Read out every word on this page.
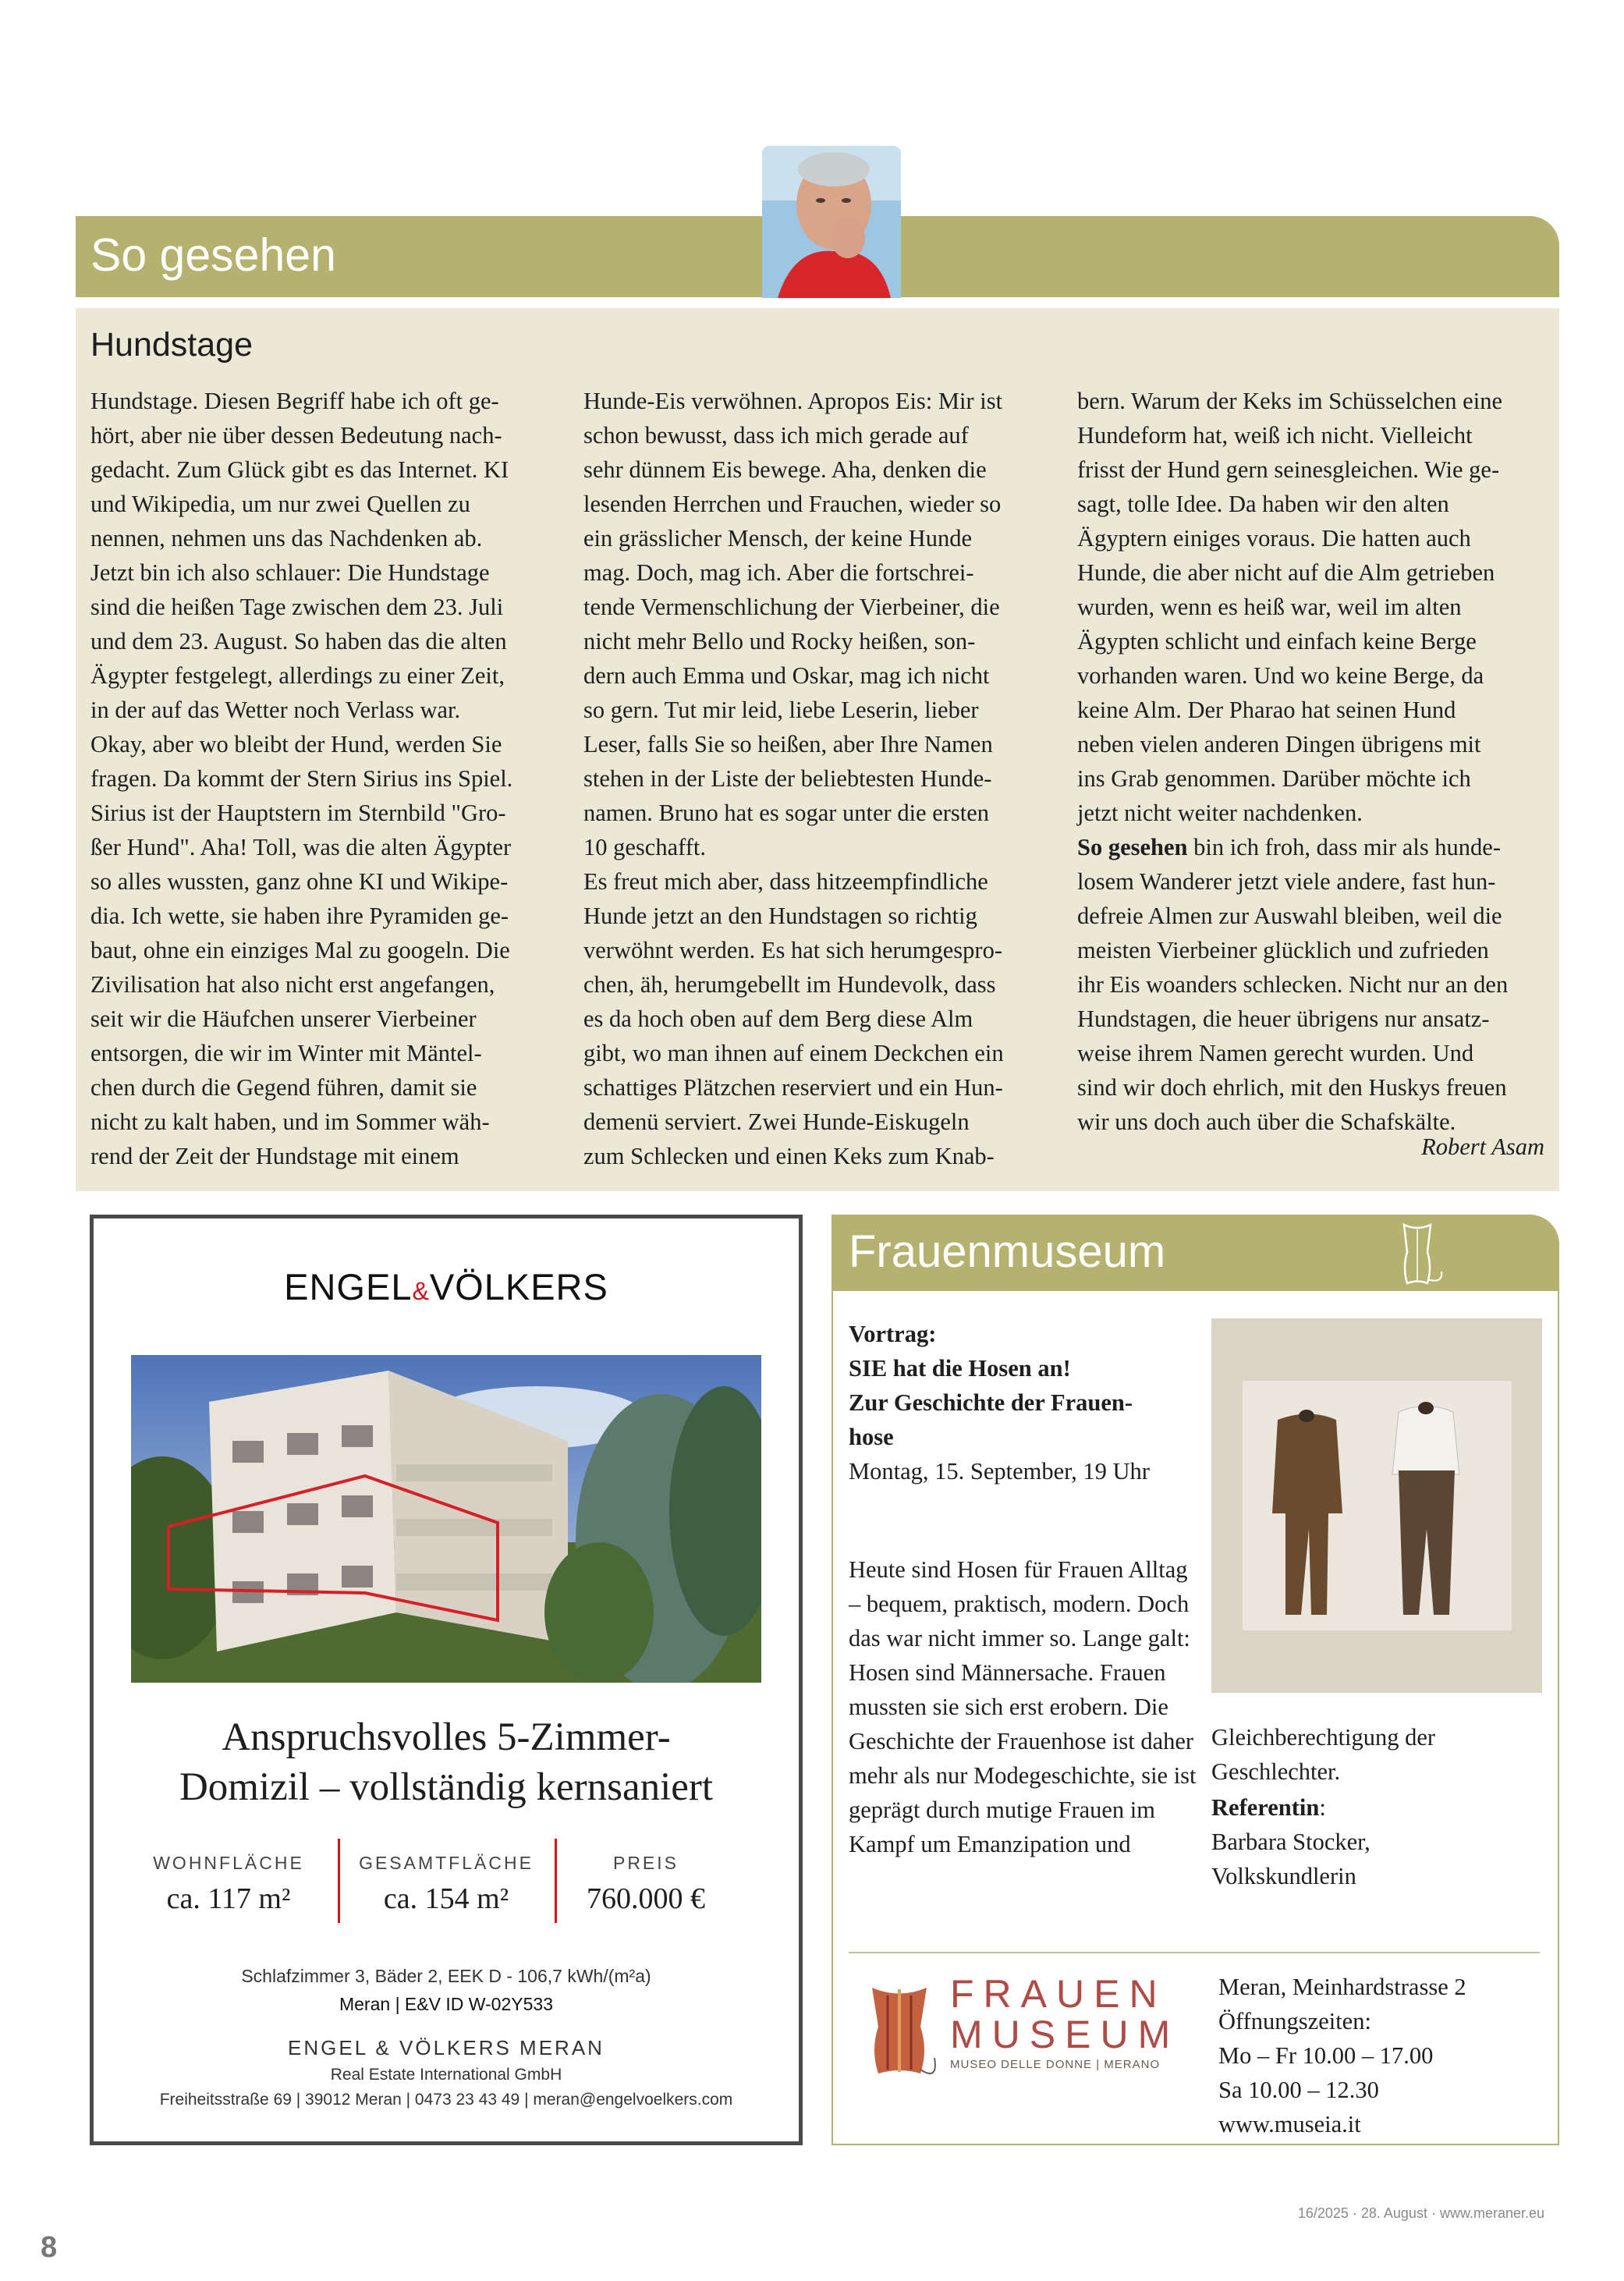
So gesehen
Hundstage
Hundstage. Diesen Begriff habe ich oft ge-
hört, aber nie über dessen Bedeutung nach-
gedacht. Zum Glück gibt es das Internet. KI
und Wikipedia, um nur zwei Quellen zu
nennen, nehmen uns das Nachdenken ab.
Jetzt bin ich also schlauer: Die Hundstage
sind die heißen Tage zwischen dem 23. Juli
und dem 23. August. So haben das die alten
Ägypter festgelegt, allerdings zu einer Zeit,
in der auf das Wetter noch Verlass war.
Okay, aber wo bleibt der Hund, werden Sie
fragen. Da kommt der Stern Sirius ins Spiel.
Sirius ist der Hauptstern im Sternbild "Gro-
ßer Hund". Aha! Toll, was die alten Ägypter
so alles wussten, ganz ohne KI und Wikipe-
dia. Ich wette, sie haben ihre Pyramiden ge-
baut, ohne ein einziges Mal zu googeln. Die
Zivilisation hat also nicht erst angefangen,
seit wir die Häufchen unserer Vierbeiner
entsorgen, die wir im Winter mit Mäntel-
chen durch die Gegend führen, damit sie
nicht zu kalt haben, und im Sommer wäh-
rend der Zeit der Hundstage mit einem
Hunde-Eis verwöhnen. Apropos Eis: Mir ist
schon bewusst, dass ich mich gerade auf
sehr dünnem Eis bewege. Aha, denken die
lesenden Herrchen und Frauchen, wieder so
ein grässlicher Mensch, der keine Hunde
mag. Doch, mag ich. Aber die fortschrei-
tende Vermenschlichung der Vierbeiner, die
nicht mehr Bello und Rocky heißen, son-
dern auch Emma und Oskar, mag ich nicht
so gern. Tut mir leid, liebe Leserin, lieber
Leser, falls Sie so heißen, aber Ihre Namen
stehen in der Liste der beliebtesten Hunde-
namen. Bruno hat es sogar unter die ersten
10 geschafft.
Es freut mich aber, dass hitzeempfindliche
Hunde jetzt an den Hundstagen so richtig
verwöhnt werden. Es hat sich herumgespro-
chen, äh, herumgebellt im Hundevolk, dass
es da hoch oben auf dem Berg diese Alm
gibt, wo man ihnen auf einem Deckchen ein
schattiges Plätzchen reserviert und ein Hun-
demenü serviert. Zwei Hunde-Eiskugeln
zum Schlecken und einen Keks zum Knab-
bern. Warum der Keks im Schüsselchen eine
Hundeform hat, weiß ich nicht. Vielleicht
frisst der Hund gern seinesgleichen. Wie ge-
sagt, tolle Idee. Da haben wir den alten
Ägyptern einiges voraus. Die hatten auch
Hunde, die aber nicht auf die Alm getrieben
wurden, wenn es heiß war, weil im alten
Ägypten schlicht und einfach keine Berge
vorhanden waren. Und wo keine Berge, da
keine Alm. Der Pharao hat seinen Hund
neben vielen anderen Dingen übrigens mit
ins Grab genommen. Darüber möchte ich
jetzt nicht weiter nachdenken.
So gesehen bin ich froh, dass mir als hunde-
losem Wanderer jetzt viele andere, fast hun-
defreie Almen zur Auswahl bleiben, weil die
meisten Vierbeiner glücklich und zufrieden
ihr Eis woanders schlecken. Nicht nur an den
Hundstagen, die heuer übrigens nur ansatz-
weise ihrem Namen gerecht wurden. Und
sind wir doch ehrlich, mit den Huskys freuen
wir uns doch auch über die Schafskälte.
Robert Asam
ENGEL&VÖLKERS
Anspruchsvolles 5-Zimmer-
Domizil – vollständig kernsaniert
WOHNFLÄCHE
ca. 117 m²
GESAMTFLÄCHE
ca. 154 m²
PREIS
760.000 €
Schlafzimmer 3, Bäder 2, EEK D - 106,7 kWh/(m²a)
Meran | E&V ID W-02Y533
ENGEL & VÖLKERS MERAN
Real Estate International GmbH
Freiheitsstraße 69 | 39012 Meran | 0473 23 43 49 | meran@engelvoelkers.com
Frauenmuseum
Vortrag:
SIE hat die Hosen an!
Zur Geschichte der Frauen-
hose
Montag, 15. September, 19 Uhr
Heute sind Hosen für Frauen Alltag – bequem, praktisch, modern. Doch das war nicht immer so. Lange galt: Hosen sind Männersache. Frauen mussten sie sich erst erobern. Die Geschichte der Frauenhose ist daher mehr als nur Modegeschichte, sie ist geprägt durch mutige Frauen im Kampf um Emanzipation und
Gleichberechtigung der Geschlechter.
Referentin:
Barbara Stocker,
Volkskundlerin
FRAUEN
MUSEUM
MUSEO DELLE DONNE | MERANO
Meran, Meinhardstrasse 2
Öffnungszeiten:
Mo – Fr 10.00 – 17.00
Sa 10.00 – 12.30
www.museia.it
8
16/2025 · 28. August · www.meraner.eu
